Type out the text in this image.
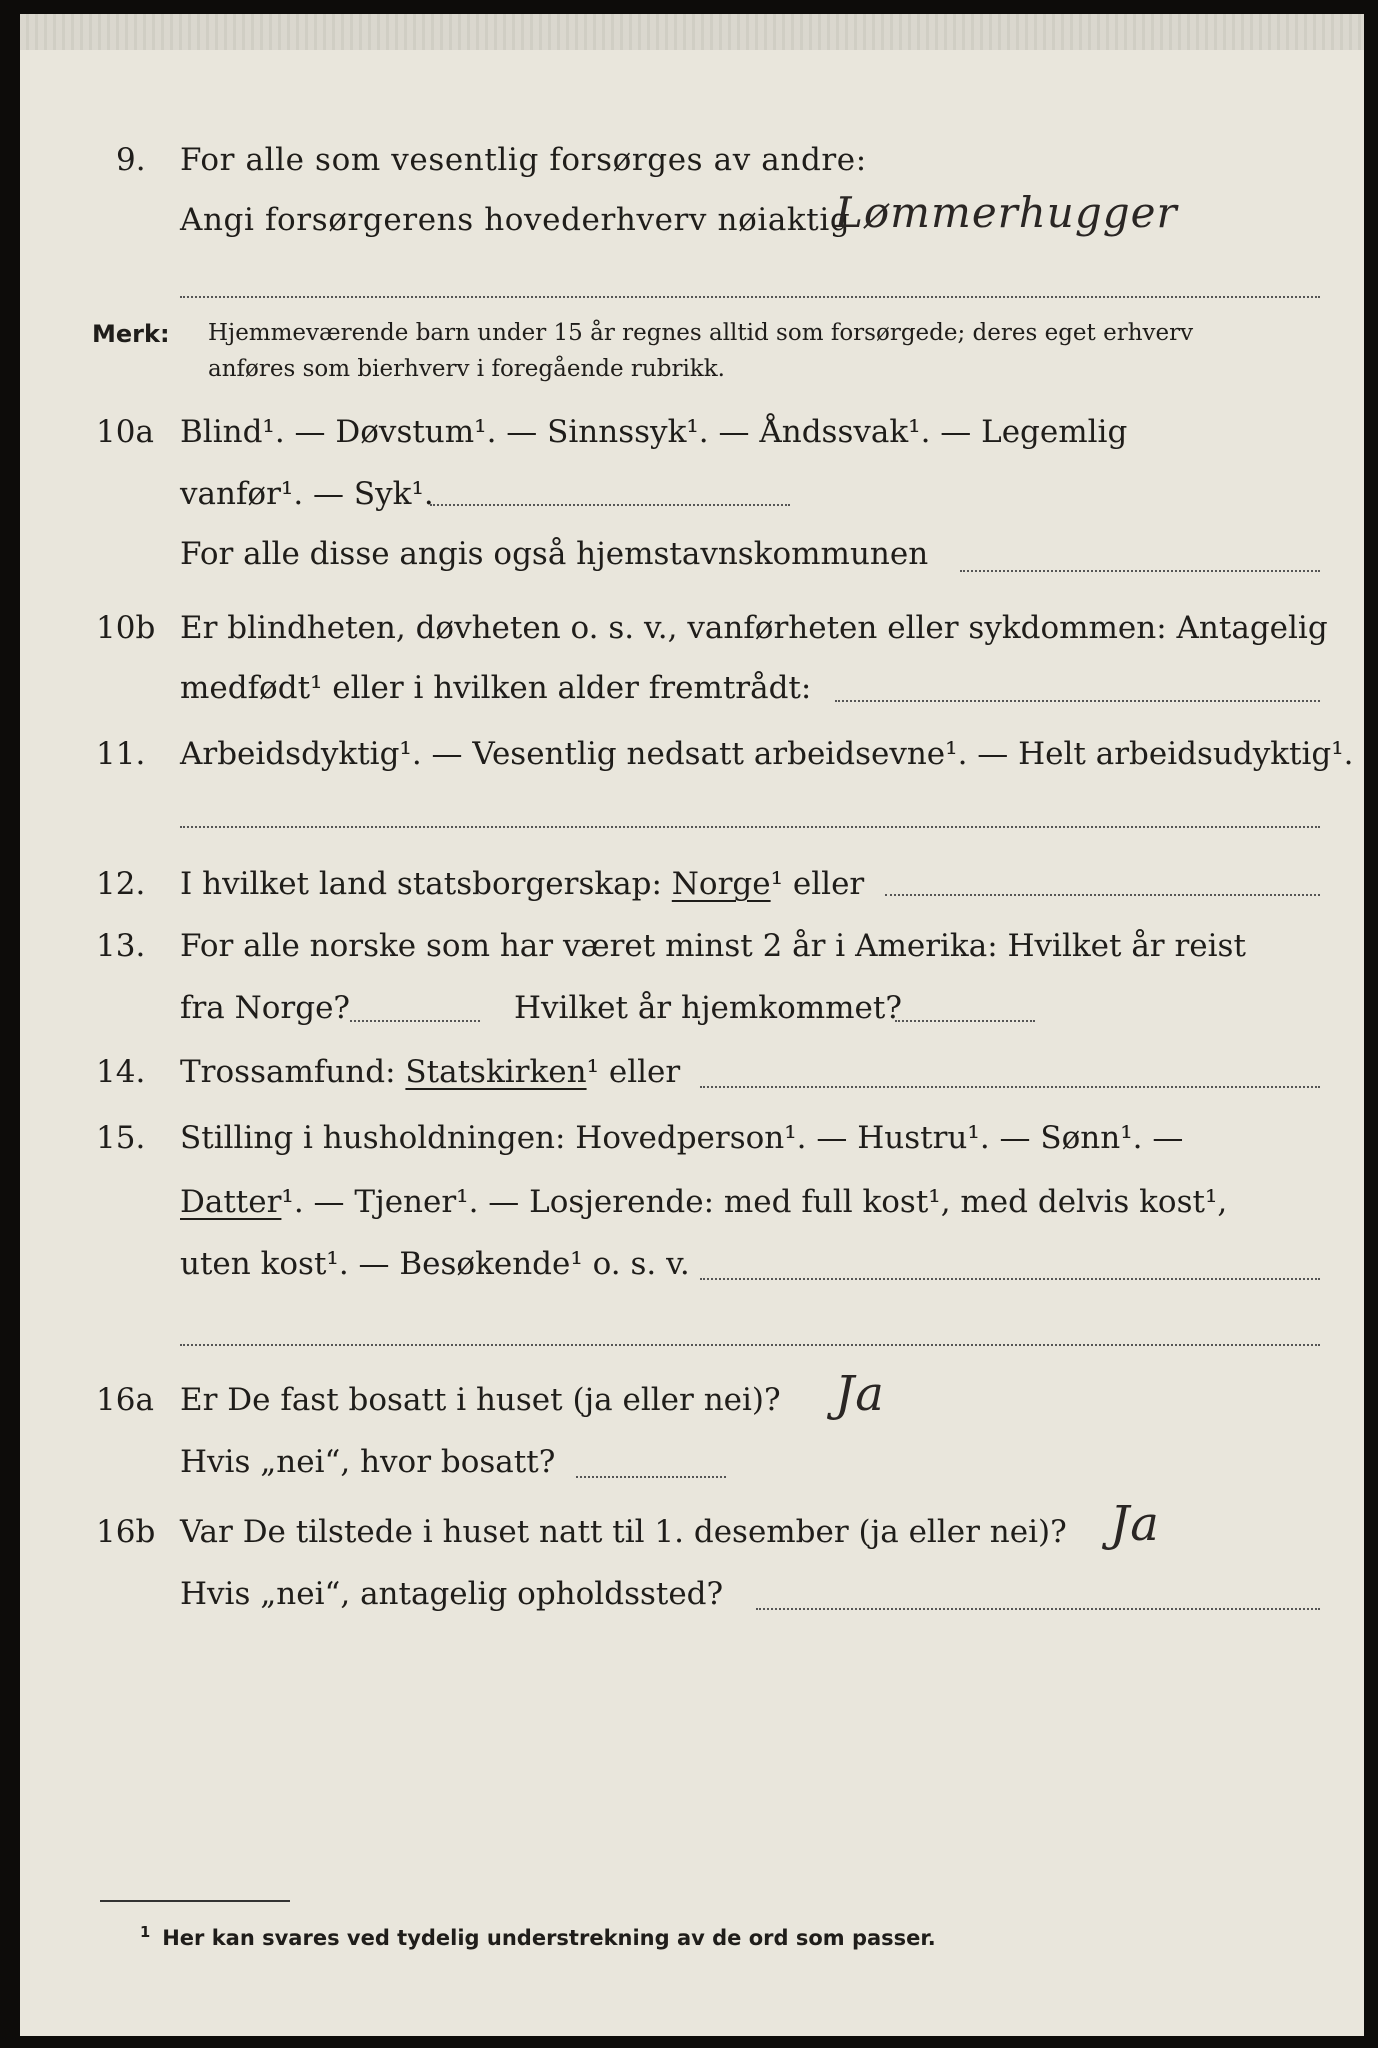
9. For alle som vesentlig forsørges av andre:
Angi forsørgerens hovederhverv nøiaktig
Lømmerhugger
Merk: Hjemmeværende barn under 15 år regnes alltid som forsørgede; deres eget erhverv
anføres som bierhverv i foregående rubrikk.
10a Blind¹. — Døvstum¹. — Sinnssyk¹. — Åndssvak¹. — Legemlig
vanfør¹. — Syk¹.
For alle disse angis også hjemstavnskommunen
10b Er blindheten, døvheten o. s. v., vanførheten eller sykdommen: Antagelig
medfødt¹ eller i hvilken alder fremtrådt:
11. Arbeidsdyktig¹. — Vesentlig nedsatt arbeidsevne¹. — Helt arbeidsudyktig¹.
12. I hvilket land statsborgerskap: Norge¹ eller
13. For alle norske som har været minst 2 år i Amerika: Hvilket år reist
fra Norge?	Hvilket år hjemkommet?
14. Trossamfund: Statskirken¹ eller
15. Stilling i husholdningen: Hovedperson¹. — Hustru¹. — Sønn¹. —
Datter¹. — Tjener¹. — Losjerende: med full kost¹, med delvis kost¹,
uten kost¹. — Besøkende¹ o. s. v.
16a Er De fast bosatt i huset (ja eller nei)? Ja
Hvis „nei“, hvor bosatt?
16b Var De tilstede i huset natt til 1. desember (ja eller nei)? Ja
Hvis „nei“, antagelig opholdssted?
$^1$ Her kan svares ved tydelig understrekning av de ord som passer.
